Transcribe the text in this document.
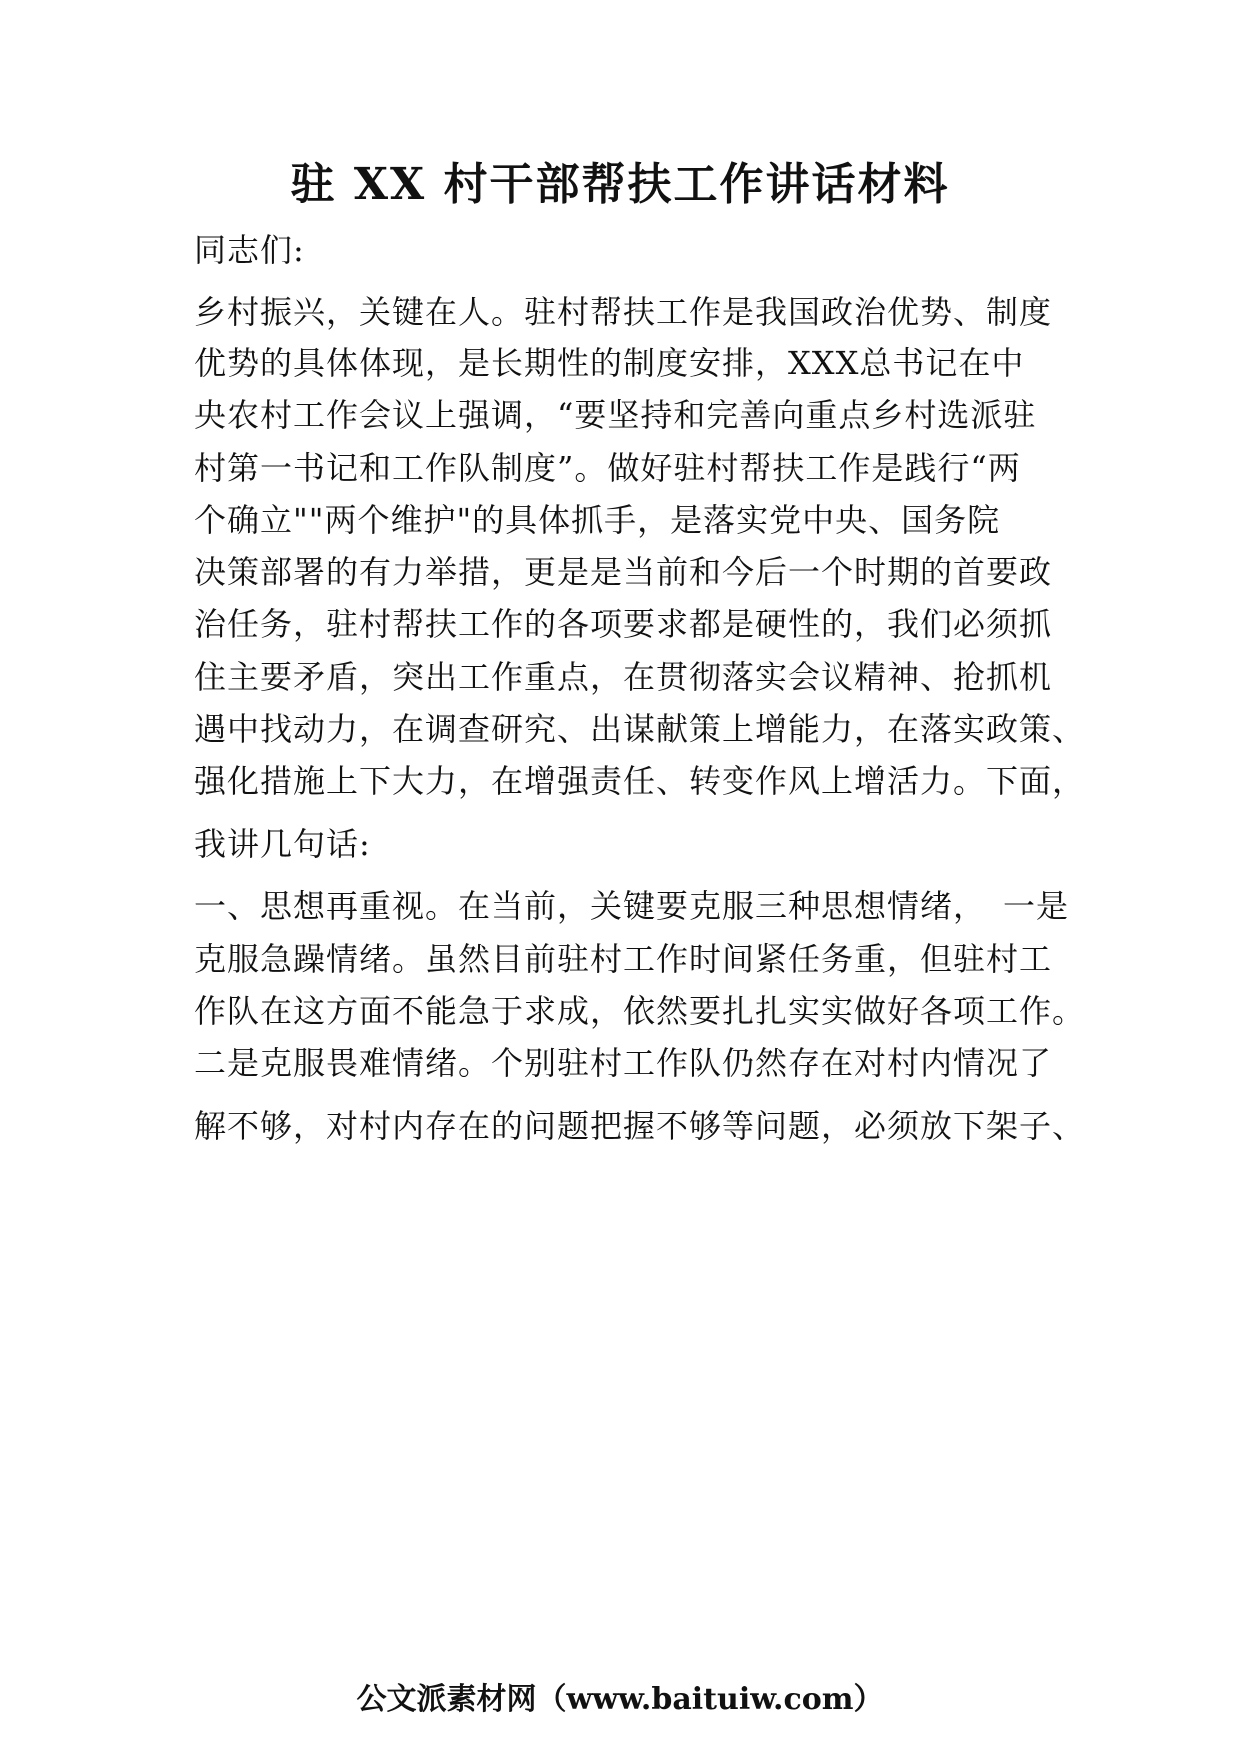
驻 XX 村干部帮扶工作讲话材料

同志们:

乡村振兴，关键在人。驻村帮扶工作是我国政治优势、制度

优势的具体体现，是长期性的制度安排，XXX总书记在中

央农村工作会议上强调，“要坚持和完善向重点乡村选派驻

村第一书记和工作队制度”。做好驻村帮扶工作是践行“两

个确立""两个维护"的具体抓手，是落实党中央、国务院

决策部署的有力举措，更是是当前和今后一个时期的首要政

治任务，驻村帮扶工作的各项要求都是硬性的，我们必须抓

住主要矛盾，突出工作重点，在贯彻落实会议精神、抢抓机

遇中找动力，在调查研究、出谋献策上增能力，在落实政策、

强化措施上下大力，在增强责任、转变作风上增活力。下面，

我讲几句话:

一、思想再重视。在当前，关键要克服三种思想情绪，　一是

克服急躁情绪。虽然目前驻村工作时间紧任务重，但驻村工

作队在这方面不能急于求成，依然要扎扎实实做好各项工作。

二是克服畏难情绪。个别驻村工作队仍然存在对村内情况了

解不够，对村内存在的问题把握不够等问题，必须放下架子、

公文派素材网（www.baituiw.com）
